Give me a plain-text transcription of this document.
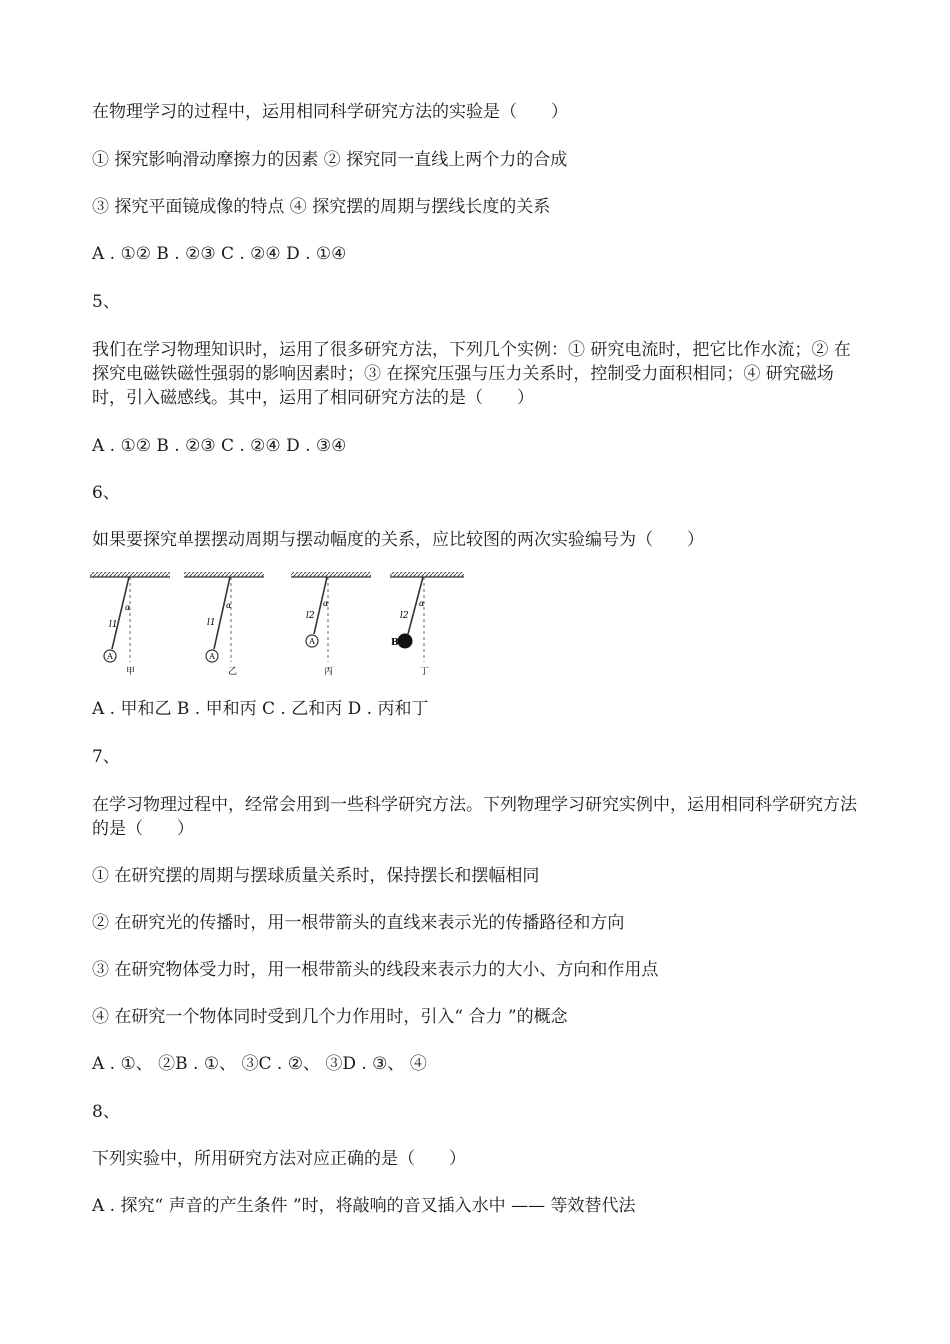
在物理学习的过程中，运用相同科学研究方法的实验是（　　）
① 探究影响滑动摩擦力的因素 ② 探究同一直线上两个力的合成
③ 探究平面镜成像的特点 ④ 探究摆的周期与摆线长度的关系
A . ①② B . ②③ C . ②④ D . ①④
5、
我们在学习物理知识时，运用了很多研究方法，下列几个实例：① 研究电流时，把它比作水流；② 在探究电磁铁磁性强弱的影响因素时；③ 在探究压强与压力关系时，控制受力面积相同；④ 研究磁场时，引入磁感线。其中，运用了相同研究方法的是（　　）
A . ①② B . ②③ C . ②④ D . ③④
6、
如果要探究单摆摆动周期与摆动幅度的关系，应比较图的两次实验编号为（　　）
A
l1
α
甲
A
l1
α
乙
A
l2
α
丙
B
l2
α
丁
A . 甲和乙 B . 甲和丙 C . 乙和丙 D . 丙和丁
7、
在学习物理过程中，经常会用到一些科学研究方法。下列物理学习研究实例中，运用相同科学研究方法的是（　　）
① 在研究摆的周期与摆球质量关系时，保持摆长和摆幅相同
② 在研究光的传播时，用一根带箭头的直线来表示光的传播路径和方向
③ 在研究物体受力时，用一根带箭头的线段来表示力的大小、方向和作用点
④ 在研究一个物体同时受到几个力作用时，引入“ 合力 ”的概念
A . ①、 ②B . ①、 ③C . ②、 ③D . ③、 ④
8、
下列实验中，所用研究方法对应正确的是（　　）
A . 探究“ 声音的产生条件 ”时，将敲响的音叉插入水中 —— 等效替代法
